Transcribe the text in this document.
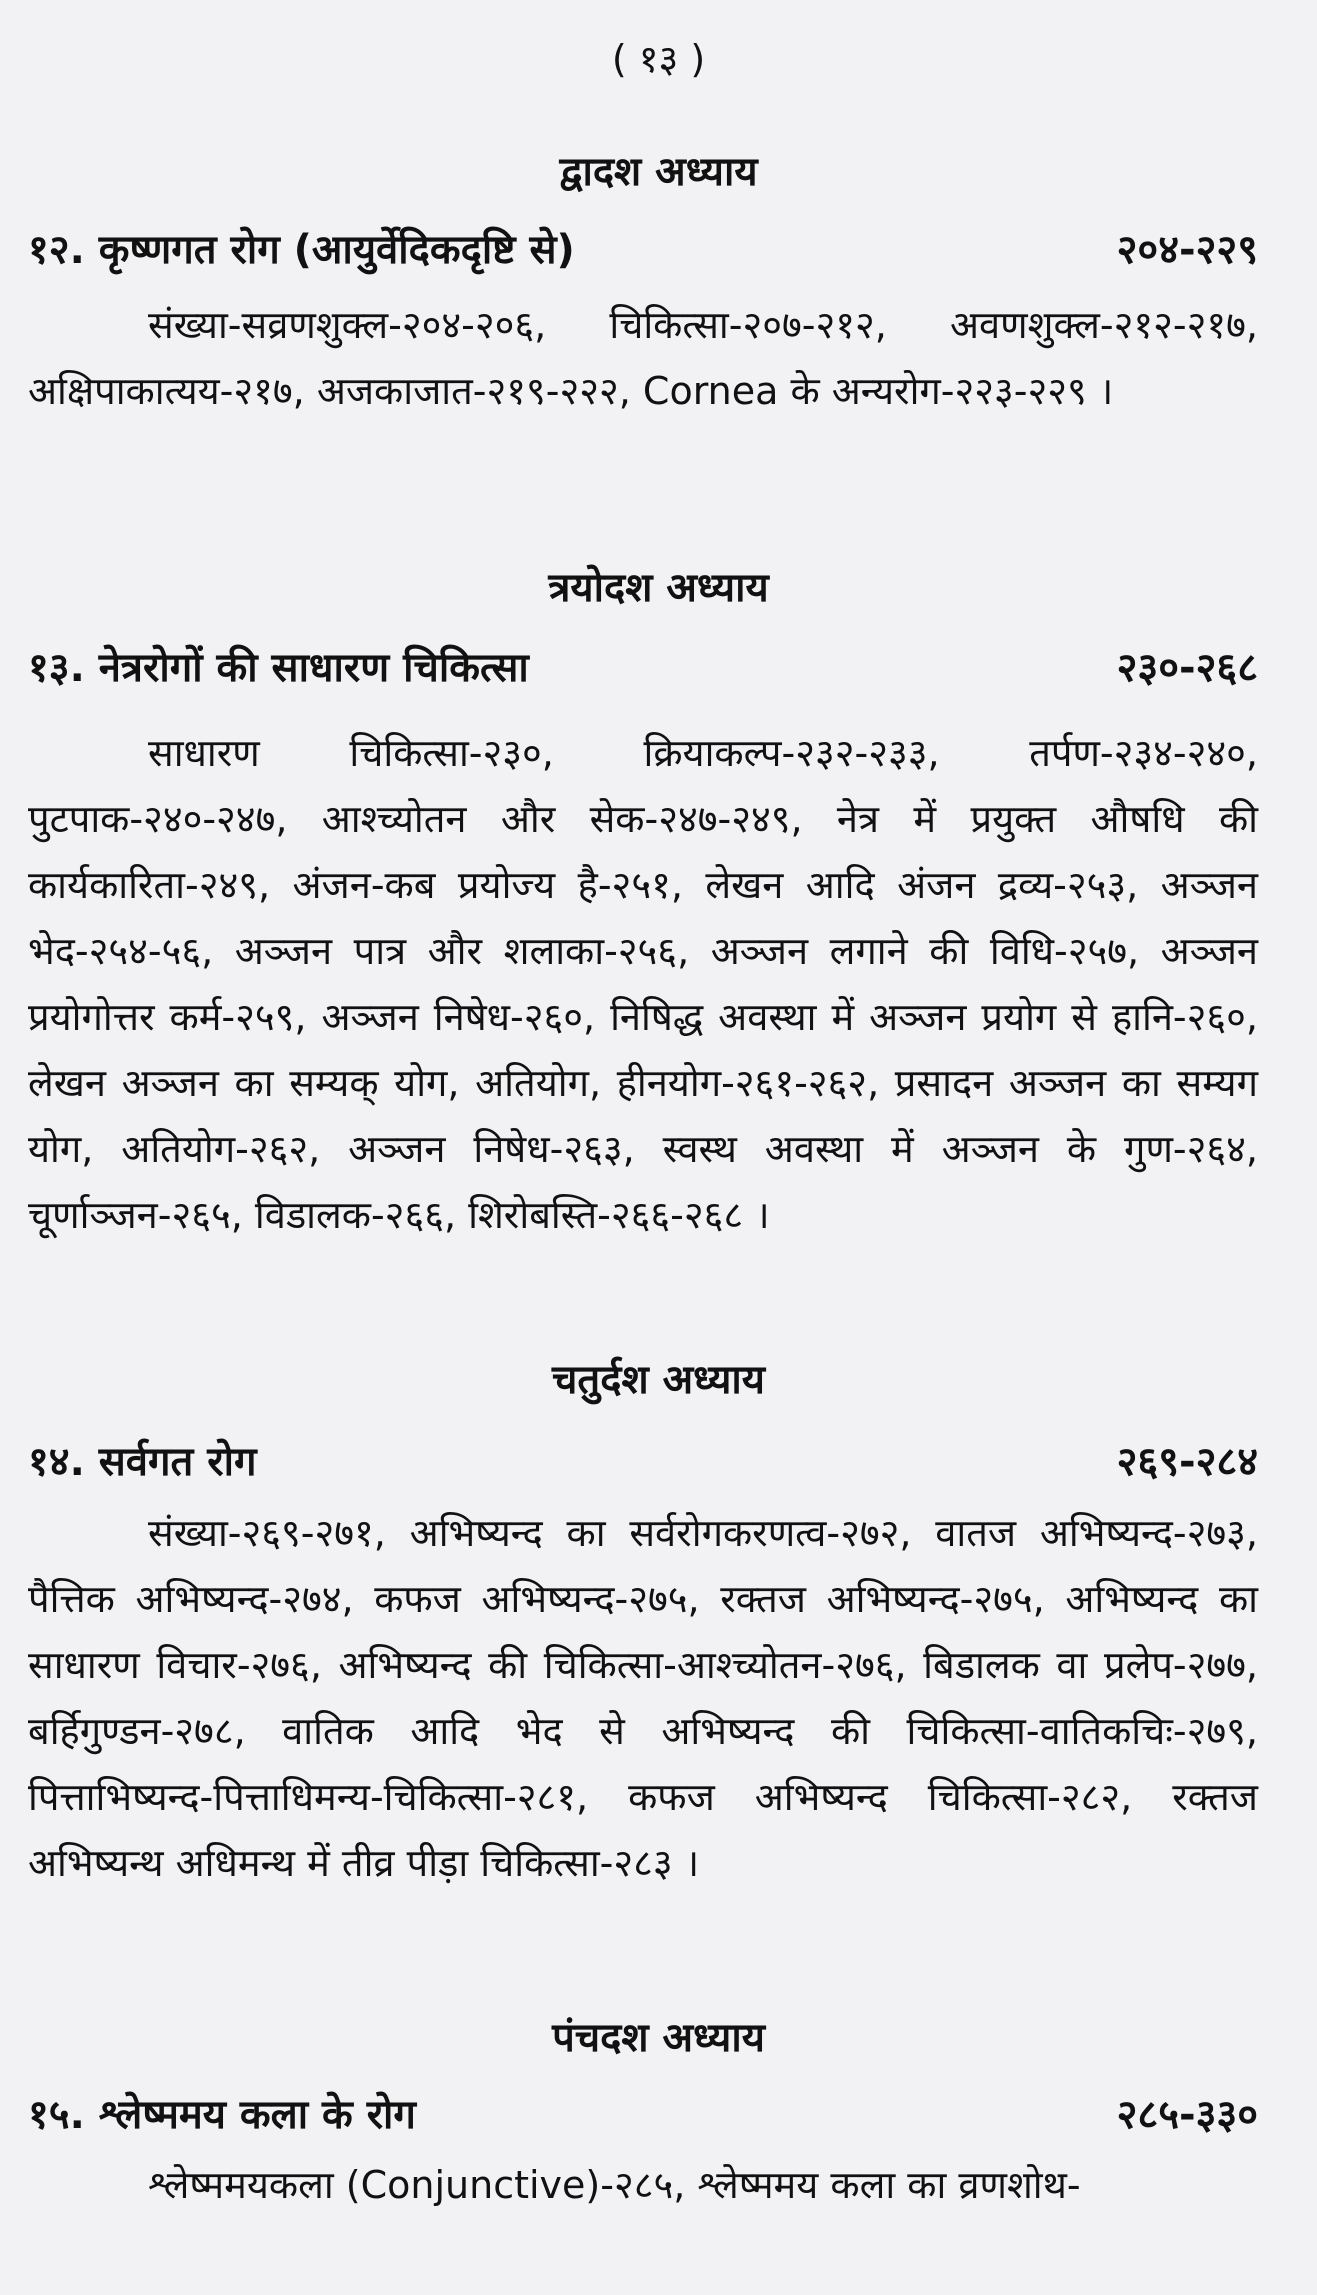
( १३ )
द्वादश अध्याय
१२. कृष्णगत रोग (आयुर्वेदिकदृष्टि से)	२०४-२२९

संख्या-सव्रणशुक्ल-२०४-२०६, चिकित्सा-२०७-२१२, अवणशुक्ल-२१२-२१७, अक्षिपाकात्यय-२१७, अजकाजात-२१९-२२२, Cornea के अन्यरोग-२२३-२२९ ।

त्रयोदश अध्याय
१३. नेत्ररोगों की साधारण चिकित्सा	२३०-२६८

साधारण चिकित्सा-२३०, क्रियाकल्प-२३२-२३३, तर्पण-२३४-२४०, पुटपाक-२४०-२४७, आश्च्योतन और सेक-२४७-२४९, नेत्र में प्रयुक्त औषधि की कार्यकारिता-२४९, अंजन-कब प्रयोज्य है-२५१, लेखन आदि अंजन द्रव्य-२५३, अञ्जन भेद-२५४-५६, अञ्जन पात्र और शलाका-२५६, अञ्जन लगाने की विधि-२५७, अञ्जन प्रयोगोत्तर कर्म-२५९, अञ्जन निषेध-२६०, निषिद्ध अवस्था में अञ्जन प्रयोग से हानि-२६०, लेखन अञ्जन का सम्यक् योग, अतियोग, हीनयोग-२६१-२६२, प्रसादन अञ्जन का सम्यग योग, अतियोग-२६२, अञ्जन निषेध-२६३, स्वस्थ अवस्था में अञ्जन के गुण-२६४, चूर्णाञ्जन-२६५, विडालक-२६६, शिरोबस्ति-२६६-२६८ ।

चतुर्दश अध्याय
१४. सर्वगत रोग	२६९-२८४

संख्या-२६९-२७१, अभिष्यन्द का सर्वरोगकरणत्व-२७२, वातज अभिष्यन्द-२७३, पैत्तिक अभिष्यन्द-२७४, कफज अभिष्यन्द-२७५, रक्तज अभिष्यन्द-२७५, अभिष्यन्द का साधारण विचार-२७६, अभिष्यन्द की चिकित्सा-आश्च्योतन-२७६, बिडालक वा प्रलेप-२७७, बर्हिगुण्डन-२७८, वातिक आदि भेद से अभिष्यन्द की चिकित्सा-वातिकचिः-२७९, पित्ताभिष्यन्द-पित्ताधिमन्य-चिकित्सा-२८१, कफज अभिष्यन्द चिकित्सा-२८२, रक्तज अभिष्यन्थ अधिमन्थ में तीव्र पीड़ा चिकित्सा-२८३ ।

पंचदश अध्याय
१५. श्लेष्ममय कला के रोग	२८५-३३०

श्लेष्ममयकला (Conjunctive)-२८५, श्लेष्ममय कला का व्रणशोथ-
